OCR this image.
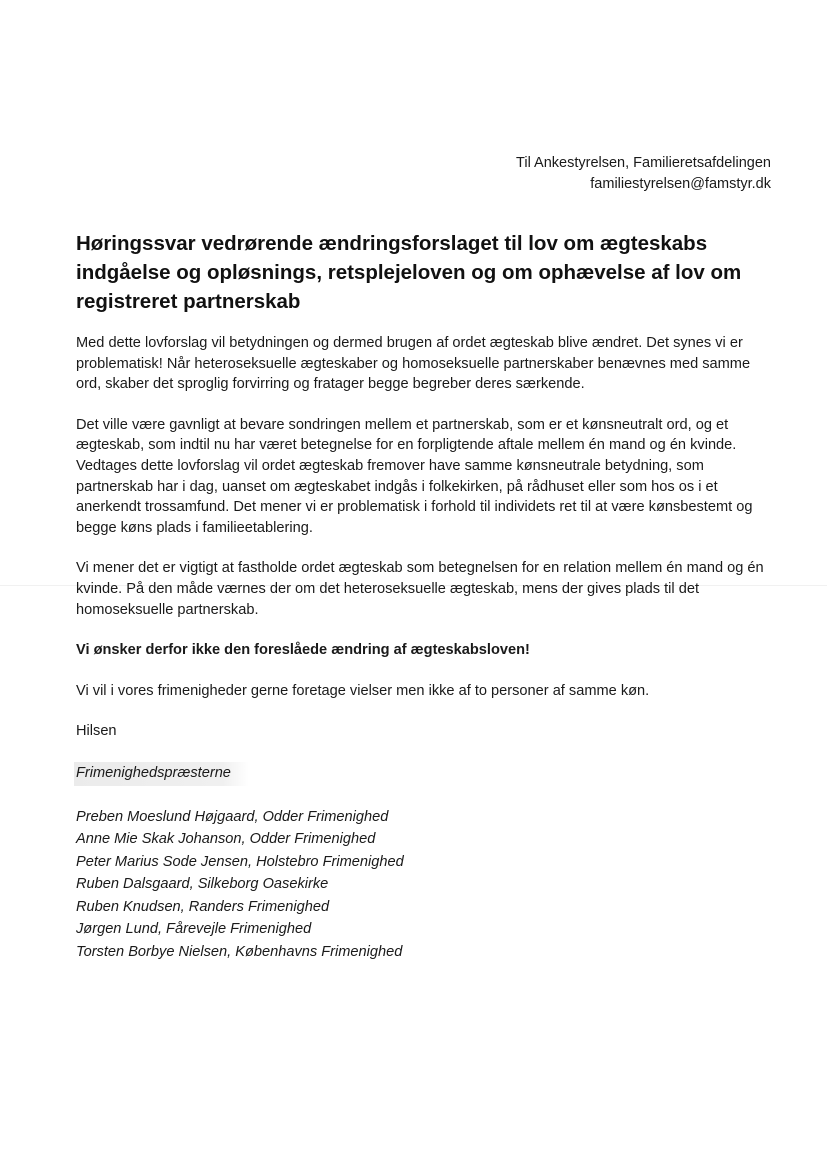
Til Ankestyrelsen, Familieretsafdelingen
familiestyrelsen@famstyr.dk
Høringssvar vedrørende ændringsforslaget til lov om ægteskabs indgåelse og opløsnings, retsplejeloven og om ophævelse af lov om registreret partnerskab

Med dette lovforslag vil betydningen og dermed brugen af ordet ægteskab blive ændret. Det synes vi er problematisk! Når heteroseksuelle ægteskaber og homoseksuelle partnerskaber benævnes med samme ord, skaber det sproglig forvirring og fratager begge begreber deres særkende.

Det ville være gavnligt at bevare sondringen mellem et partnerskab, som er et kønsneutralt ord, og et ægteskab, som indtil nu har været betegnelse for en forpligtende aftale mellem én mand og én kvinde. Vedtages dette lovforslag vil ordet ægteskab fremover have samme kønsneutrale betydning, som partnerskab har i dag, uanset om ægteskabet indgås i folkekirken, på rådhuset eller som hos os i et anerkendt trossamfund. Det mener vi er problematisk i forhold til individets ret til at være kønsbestemt og begge køns plads i familieetablering.

Vi mener det er vigtigt at fastholde ordet ægteskab som betegnelsen for en relation mellem én mand og én kvinde. På den måde værnes der om det heteroseksuelle ægteskab, mens der gives plads til det homoseksuelle partnerskab.

Vi ønsker derfor ikke den foreslåede ændring af ægteskabsloven!

Vi vil i vores frimenigheder gerne foretage vielser men ikke af to personer af samme køn.

Hilsen
Frimenighedspræsterne
Preben Moeslund Højgaard, Odder Frimenighed
Anne Mie Skak Johanson, Odder Frimenighed
Peter Marius Sode Jensen, Holstebro Frimenighed
Ruben Dalsgaard, Silkeborg Oasekirke
Ruben Knudsen, Randers Frimenighed
Jørgen Lund, Fårevejle Frimenighed
Torsten Borbye Nielsen, Københavns Frimenighed
